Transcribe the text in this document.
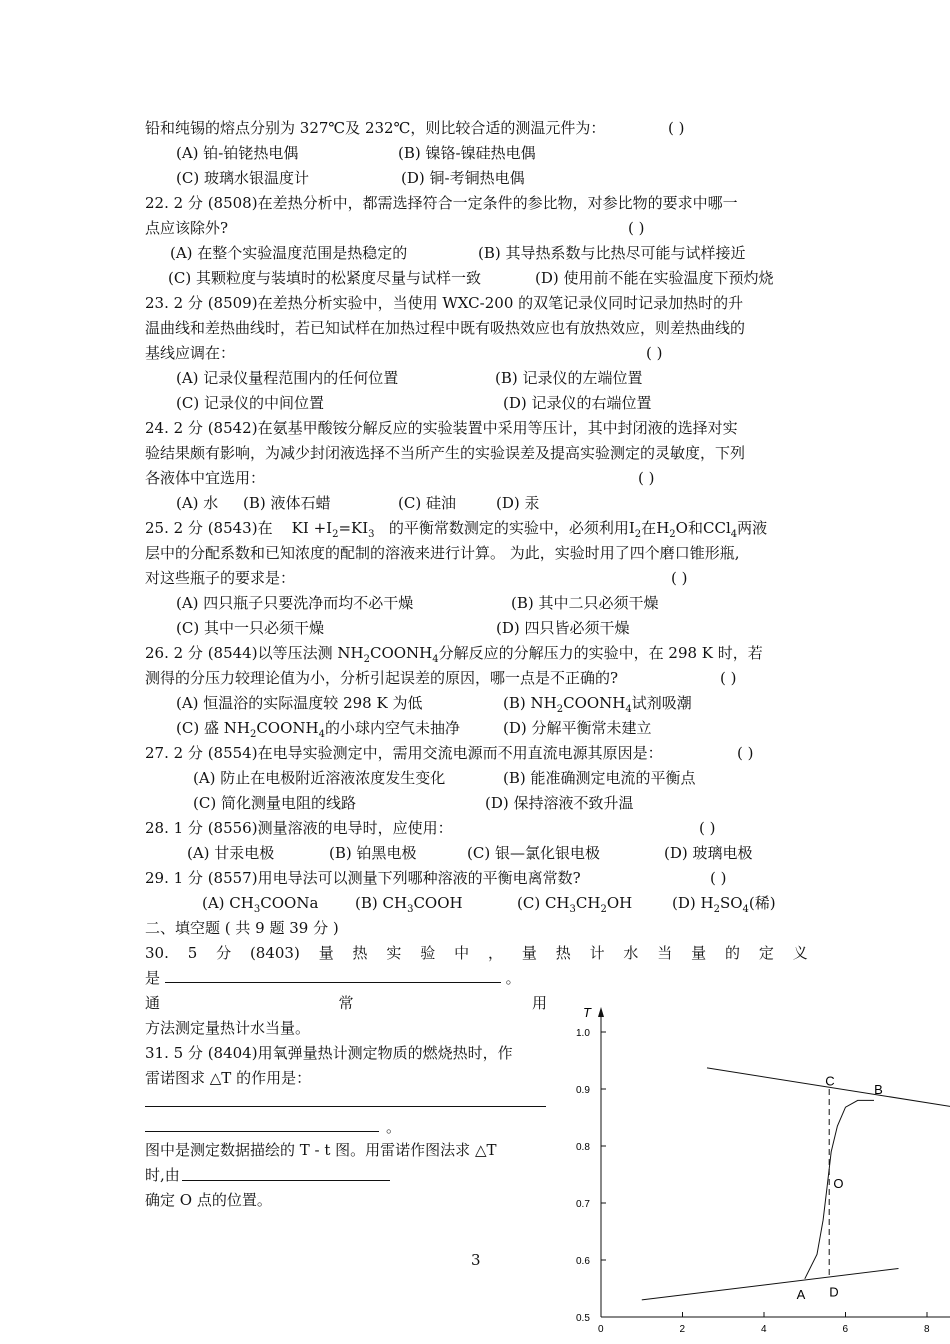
铅和纯锡的熔点分别为 327℃及 232℃，则比较合适的测温元件为：	( )
(A) 铂-铂铑热电偶	(B) 镍铬-镍硅热电偶
(C) 玻璃水银温度计	(D) 铜-考铜热电偶
22. 2 分 (8508)在差热分析中，都需选择符合一定条件的参比物，对参比物的要求中哪一
点应该除外?	( )
(A) 在整个实验温度范围是热稳定的	(B) 其导热系数与比热尽可能与试样接近
(C) 其颗粒度与装填时的松紧度尽量与试样一致	(D) 使用前不能在实验温度下预灼烧
23. 2 分 (8509)在差热分析实验中，当使用 WXC-200 的双笔记录仪同时记录加热时的升
温曲线和差热曲线时，若已知试样在加热过程中既有吸热效应也有放热效应，则差热曲线的
基线应调在：	( )
(A) 记录仪量程范围内的任何位置	(B) 记录仪的左端位置
(C) 记录仪的中间位置	(D) 记录仪的右端位置
24. 2 分 (8542)在氨基甲酸铵分解反应的实验装置中采用等压计，其中封闭液的选择对实
验结果颇有影响，为减少封闭液选择不当所产生的实验误差及提高实验测定的灵敏度，下列
各液体中宜选用：	( )
(A) 水 (B) 液体石蜡	(C) 硅油	(D) 汞
25. 2 分 (8543)在 KI $+I_2=KI_3$ 的平衡常数测定的实验中，必须利用$I_2$在$H_2O$和CCl$_4$两液
层中的分配系数和已知浓度的配制的溶液来进行计算。 为此，实验时用了四个磨口锥形瓶,
对这些瓶子的要求是：	( )
(A) 四只瓶子只要洗净而均不必干燥	(B) 其中二只必须干燥
(C) 其中一只必须干燥	(D) 四只皆必须干燥
26. 2 分 (8544)以等压法测 $NH_2COONH_4$分解反应的分解压力的实验中，在 298 K 时，若
测得的分压力较理论值为小，分析引起误差的原因，哪一点是不正确的?	( )
(A) 恒温浴的实际温度较 298 K 为低	(B) $NH_2COONH_4$试剂吸潮
(C) 盛 $NH_2COONH_4$的小球内空气未抽净	(D) 分解平衡常未建立
27. 2 分 (8554)在电导实验测定中，需用交流电源而不用直流电源其原因是：	( )
(A) 防止在电极附近溶液浓度发生变化	(B) 能准确测定电流的平衡点
(C) 简化测量电阻的线路	(D) 保持溶液不致升温
28. 1 分 (8556)测量溶液的电导时，应使用：	( )
(A) 甘汞电极	(B) 铂黑电极	(C) 银—氯化银电极	(D) 玻璃电极
29. 1 分 (8557)用电导法可以测量下列哪种溶液的平衡电离常数?	( )
(A) $CH_3COONa$ (B) $CH_3COOH$	(C) $CH_3CH_2OH$	(D) $H_2SO_4$(稀)
二、填空题 ( 共 9 题 39 分 )
30. 5 分 (8403) 量 热 实 验 中 ， 量 热 计 水 当 量 的 定 义
是	。
通	常	用
方法测定量热计水当量。
31. 5 分 (8404)用氧弹量热计测定物质的燃烧热时，作
雷诺图求 △T 的作用是：
。
图中是测定数据描绘的 T - t 图。用雷诺作图法求 △T
时,由
确定 O 点的位置。
3
0.5
0.6
0.7
0.8
0.9
1.0
0	2	4	6	8
T
A
B
C
D
O
